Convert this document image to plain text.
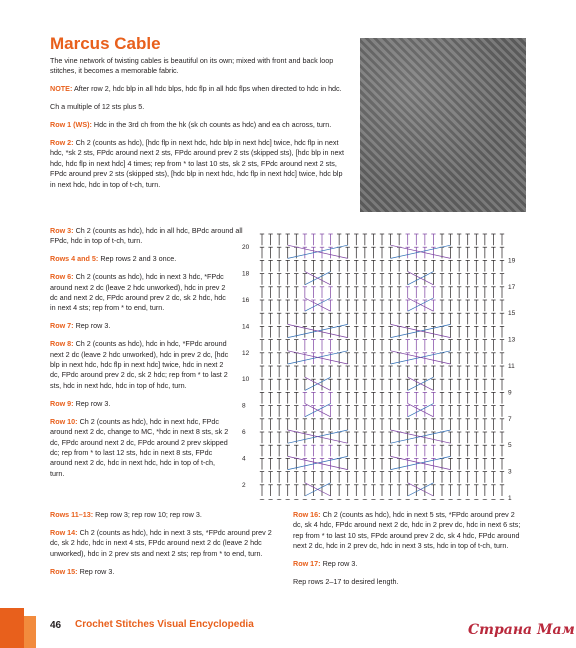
Marcus Cable

The vine network of twisting cables is beautiful on its own; mixed with front and back loop stitches, it becomes a memorable fabric.

NOTE: After row 2, hdc blp in all hdc blps, hdc flp in all hdc flps when directed to hdc in hdc.

Ch a multiple of 12 sts plus 5.

Row 1 (WS): Hdc in the 3rd ch from the hk (sk ch counts as hdc) and ea ch across, turn.

Row 2: Ch 2 (counts as hdc), [hdc flp in next hdc, hdc blp in next hdc] twice, hdc flp in next hdc, *sk 2 sts, FPdc around next 2 sts, FPdc around prev 2 sts (skipped sts), [hdc blp in next hdc, hdc flp in next hdc] 4 times; rep from * to last 10 sts, sk 2 sts, FPdc around next 2 sts, FPdc around prev 2 sts (skipped sts), [hdc blp in next hdc, hdc flp in next hdc] twice, hdc blp in next hdc, hdc in top of t-ch, turn.

Row 3: Ch 2 (counts as hdc), hdc in all hdc, BPdc around all FPdc, hdc in top of t-ch, turn.

Rows 4 and 5: Rep rows 2 and 3 once.

Row 6: Ch 2 (counts as hdc), hdc in next 3 hdc, *FPdc around next 2 dc (leave 2 hdc unworked), hdc in prev 2 dc and next 2 dc, FPdc around prev 2 dc, sk 2 hdc, hdc in next 4 sts; rep from * to end, turn.

Row 7: Rep row 3.

Row 8: Ch 2 (counts as hdc), hdc in hdc, *FPdc around next 2 dc (leave 2 hdc unworked), hdc in prev 2 dc, [hdc blp in next hdc, hdc flp in next hdc] twice, hdc in next 2 dc, FPdc around prev 2 dc, sk 2 hdc; rep from * to last 2 sts, hdc in next hdc, hdc in top of hdc, turn.

Row 9: Rep row 3.

Row 10: Ch 2 (counts as hdc), hdc in next hdc, FPdc around next 2 dc, change to MC, *hdc in next 8 sts, sk 2 dc, FPdc around next 2 dc, FPdc around 2 prev skipped dc; rep from * to last 12 sts, hdc in next 8 sts, FPdc around next 2 dc, hdc in next hdc, hdc in top of t-ch, turn.

20
18
16
14
12
10
8
6
4
2
19
17
15
13
11
9
7
5
3
1

Rows 11–13: Rep row 3; rep row 10; rep row 3.

Row 14: Ch 2 (counts as hdc), hdc in next 3 sts, *FPdc around prev 2 dc, sk 2 hdc, hdc in next 4 sts, FPdc around next 2 dc (leave 2 hdc unworked), hdc in 2 prev sts and next 2 sts; rep from * to end, turn.

Row 15: Rep row 3.

Row 16: Ch 2 (counts as hdc), hdc in next 5 sts, *FPdc around prev 2 dc, sk 4 hdc, FPdc around next 2 dc, hdc in 2 prev dc, hdc in next 6 sts; rep from * to last 10 sts, FPdc around prev 2 dc, sk 4 hdc, FPdc around next 2 dc, hdc in 2 prev dc, hdc in next 3 sts, hdc in top of t-ch, turn.

Row 17: Rep row 3.

Rep rows 2–17 to desired length.

46 Crochet Stitches Visual Encyclopedia	Страна Мам
